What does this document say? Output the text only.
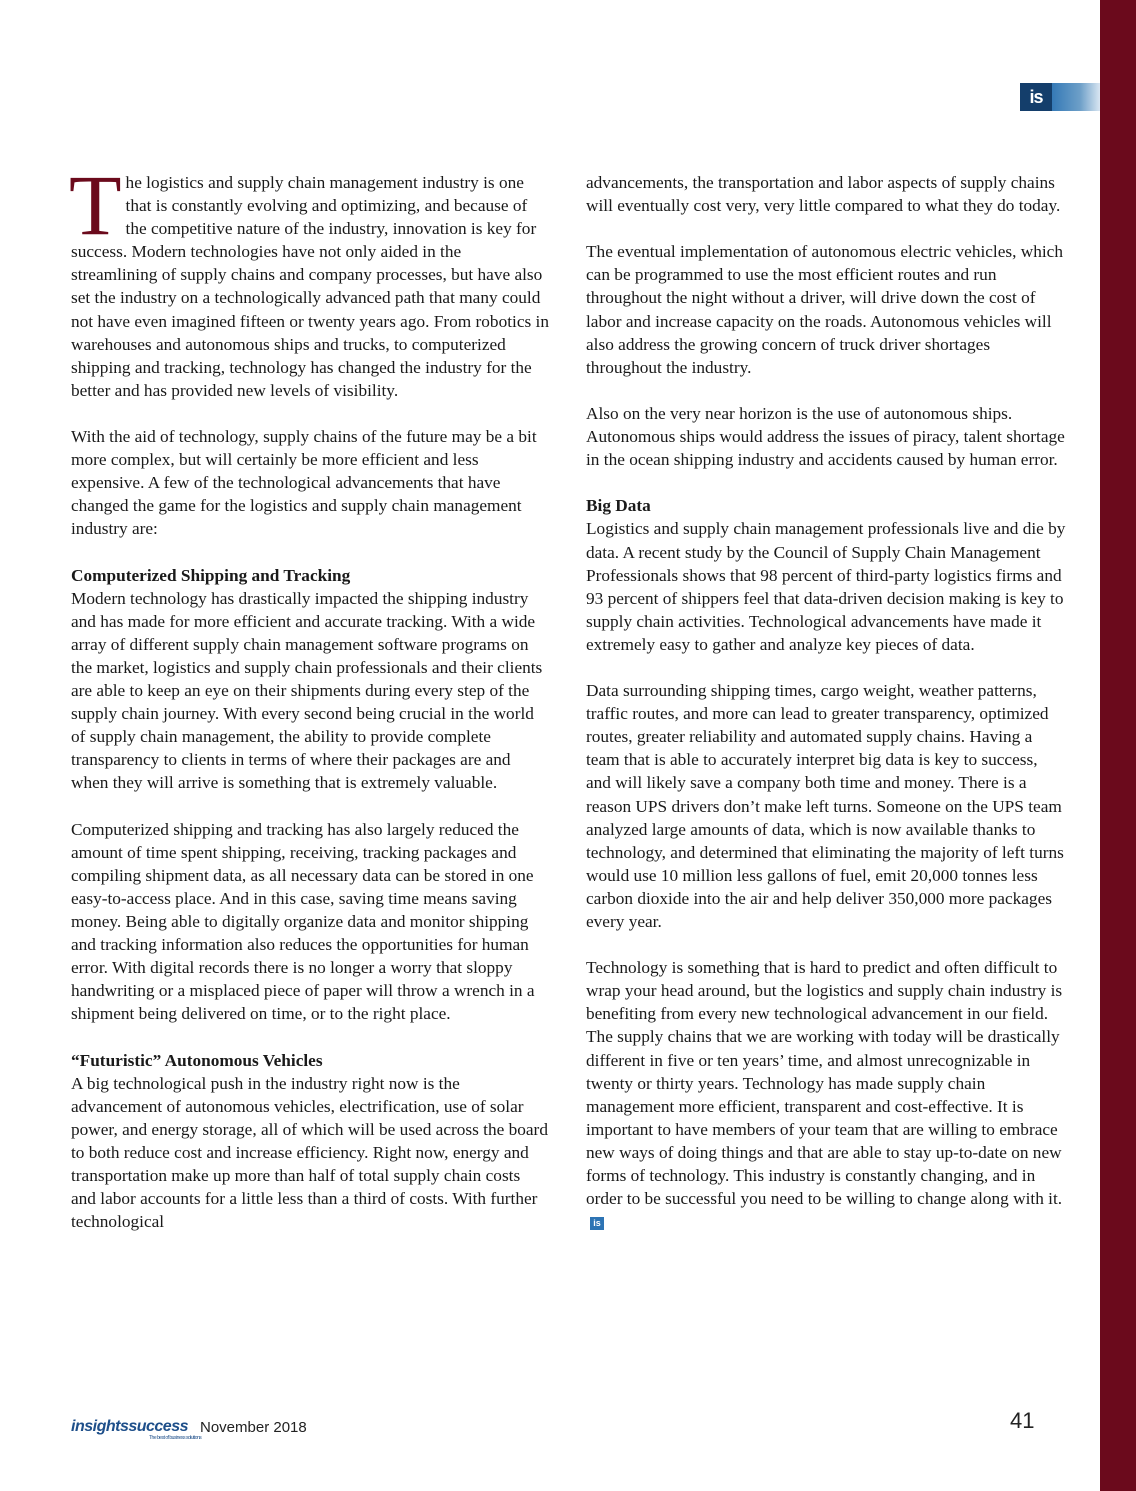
is

The logistics and supply chain management industry is one that is constantly evolving and optimizing, and because of the competitive nature of the industry, innovation is key for success. Modern technologies have not only aided in the streamlining of supply chains and company processes, but have also set the industry on a technologically advanced path that many could not have even imagined fifteen or twenty years ago. From robotics in warehouses and autonomous ships and trucks, to computerized shipping and tracking, technology has changed the industry for the better and has provided new levels of visibility.

With the aid of technology, supply chains of the future may be a bit more complex, but will certainly be more efficient and less expensive. A few of the technological advancements that have changed the game for the logistics and supply chain management industry are:

Computerized Shipping and Tracking

Modern technology has drastically impacted the shipping industry and has made for more efficient and accurate tracking. With a wide array of different supply chain management software programs on the market, logistics and supply chain professionals and their clients are able to keep an eye on their shipments during every step of the supply chain journey. With every second being crucial in the world of supply chain management, the ability to provide complete transparency to clients in terms of where their packages are and when they will arrive is something that is extremely valuable.

Computerized shipping and tracking has also largely reduced the amount of time spent shipping, receiving, tracking packages and compiling shipment data, as all necessary data can be stored in one easy-to-access place. And in this case, saving time means saving money. Being able to digitally organize data and monitor shipping and tracking information also reduces the opportunities for human error. With digital records there is no longer a worry that sloppy handwriting or a misplaced piece of paper will throw a wrench in a shipment being delivered on time, or to the right place.

“Futuristic” Autonomous Vehicles

A big technological push in the industry right now is the advancement of autonomous vehicles, electrification, use of solar power, and energy storage, all of which will be used across the board to both reduce cost and increase efficiency. Right now, energy and transportation make up more than half of total supply chain costs and labor accounts for a little less than a third of costs. With further technological

advancements, the transportation and labor aspects of supply chains will eventually cost very, very little compared to what they do today.

The eventual implementation of autonomous electric vehicles, which can be programmed to use the most efficient routes and run throughout the night without a driver, will drive down the cost of labor and increase capacity on the roads. Autonomous vehicles will also address the growing concern of truck driver shortages throughout the industry.

Also on the very near horizon is the use of autonomous ships. Autonomous ships would address the issues of piracy, talent shortage in the ocean shipping industry and accidents caused by human error.

Big Data

Logistics and supply chain management professionals live and die by data. A recent study by the Council of Supply Chain Management Professionals shows that 98 percent of third-party logistics firms and 93 percent of shippers feel that data-driven decision making is key to supply chain activities. Technological advancements have made it extremely easy to gather and analyze key pieces of data.

Data surrounding shipping times, cargo weight, weather patterns, traffic routes, and more can lead to greater transparency, optimized routes, greater reliability and automated supply chains. Having a team that is able to accurately interpret big data is key to success, and will likely save a company both time and money. There is a reason UPS drivers don’t make left turns. Someone on the UPS team analyzed large amounts of data, which is now available thanks to technology, and determined that eliminating the majority of left turns would use 10 million less gallons of fuel, emit 20,000 tonnes less carbon dioxide into the air and help deliver 350,000 more packages every year.

Technology is something that is hard to predict and often difficult to wrap your head around, but the logistics and supply chain industry is benefiting from every new technological advancement in our field. The supply chains that we are working with today will be drastically different in five or ten years’ time, and almost unrecognizable in twenty or thirty years. Technology has made supply chain management more efficient, transparent and cost-effective. It is important to have members of your team that are willing to embrace new ways of doing things and that are able to stay up-to-date on new forms of technology. This industry is constantly changing, and in order to be successful you need to be willing to change along with it.is

insightssuccess
The best of business solutions
November 2018	41
